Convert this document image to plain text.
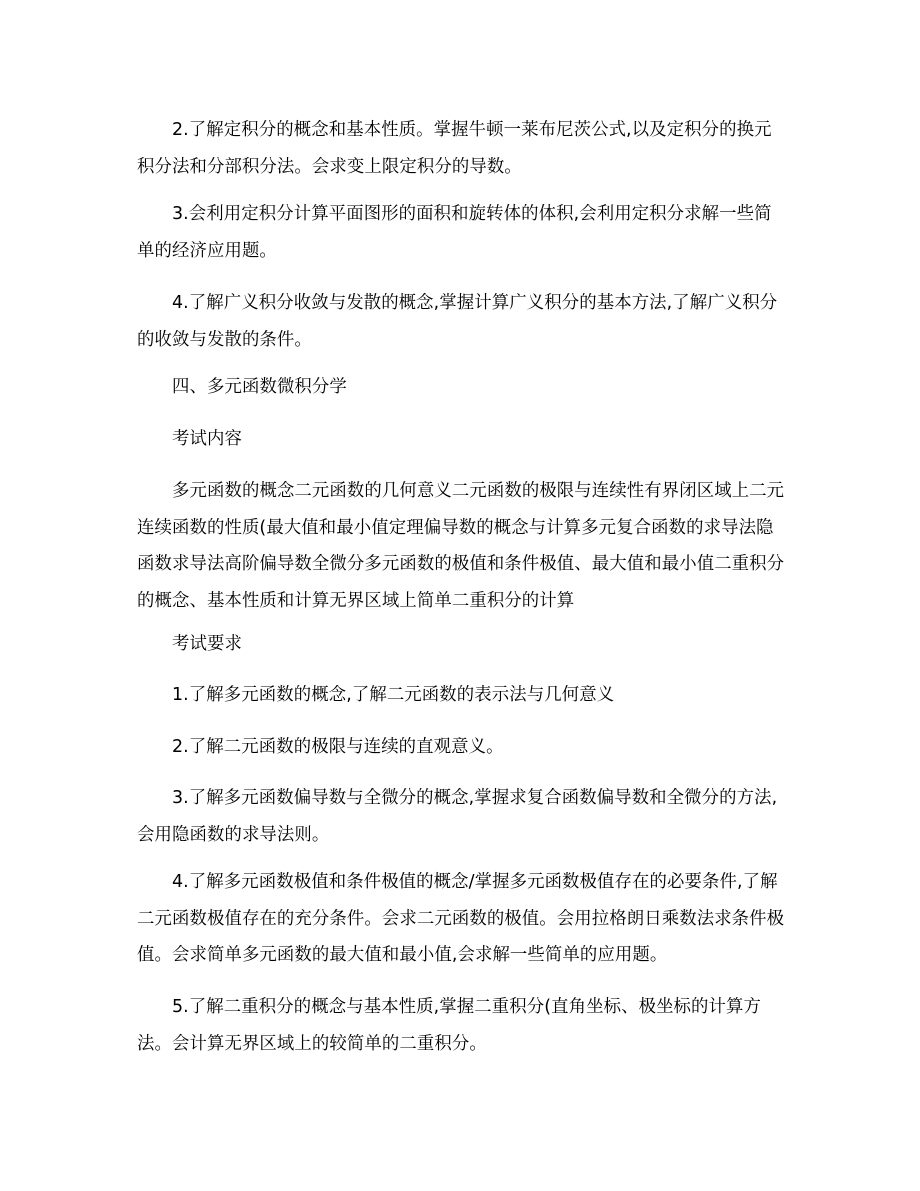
2.了解定积分的概念和基本性质。掌握牛顿一莱布尼茨公式,以及定积分的换元积分法和分部积分法。会求变上限定积分的导数。

3.会利用定积分计算平面图形的面积和旋转体的体积,会利用定积分求解一些简单的经济应用题。

4.了解广义积分收敛与发散的概念,掌握计算广义积分的基本方法,了解广义积分的收敛与发散的条件。

四、多元函数微积分学

考试内容

多元函数的概念二元函数的几何意义二元函数的极限与连续性有界闭区域上二元连续函数的性质(最大值和最小值定理偏导数的概念与计算多元复合函数的求导法隐函数求导法高阶偏导数全微分多元函数的极值和条件极值、最大值和最小值二重积分的概念、基本性质和计算无界区域上简单二重积分的计算

考试要求

1.了解多元函数的概念,了解二元函数的表示法与几何意义

2.了解二元函数的极限与连续的直观意义。

3.了解多元函数偏导数与全微分的概念,掌握求复合函数偏导数和全微分的方法,会用隐函数的求导法则。

4.了解多元函数极值和条件极值的概念/掌握多元函数极值存在的必要条件,了解二元函数极值存在的充分条件。会求二元函数的极值。会用拉格朗日乘数法求条件极值。会求简单多元函数的最大值和最小值,会求解一些简单的应用题。

5.了解二重积分的概念与基本性质,掌握二重积分(直角坐标、极坐标的计算方法。会计算无界区域上的较简单的二重积分。
